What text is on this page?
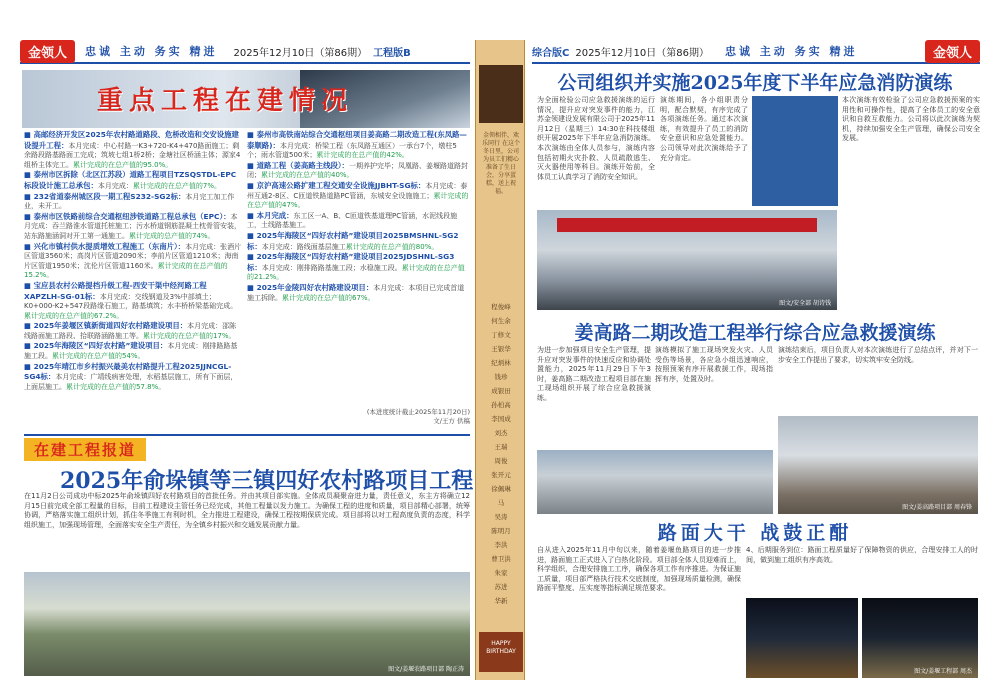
金领人	忠诚 主动 务实 精进 2025年12月10日（第86期） 工程版B	综合版C 2025年12月10日（第86期） 忠诚 主动 务实 精进	金领人
重点工程在建情况
■ 高邮经济开发区2025年农村路道路段、危桥改造和交安设施建设提升工程：本月完成：中心村路一K3+720-K4+470路面施工；剩余路段路基路面工完成；筑坡七组1桥2桥；金塘社区桥涵主体；源家4组桥主体完工。累计完成的在总产值的95.0%。
■ 泰州市区拆除（北区江苏段）道路工程项目TZSQSTDL-EPC标段设计施工总承包：本月完成：累计完成的在总产值的7%。
■ 232省道泰州城区段一期工程S232-SG2标：本月完工加工作业，未开工。
■ 泰州市区铁路前综合交通枢纽涉铁道路工程总承包（EPC）：本月完成：吞兰路淮水管道托桩施工；污水桥道钢筋混凝土枕骨管安装，站东路施涵洞对开工第一通施工。累计完成的总产值的74%。
■ 兴化市镇村供水提质增效工程施工（东南片）：本月完成：张酒片区管道3560米；高岗片区管道2090米；李前片区管道1210米；海南片区管道1950米；沈伦片区管道1160米。累计完成的在总产值的15.2%。
■ 宝应县农村公路提档升级工程-西安干渠中经河路工程XAPZLH-SG-01标：本月完成：交线钢道及3%中部填土；K0+000-K2+547段路缘石施工，路基填筑；水丰桥桥梁基础完成。累计完成的在总产值的67.2%。
■ 2025年姜堰区镇新街道四好农村路建设项目：本月完成：邵陈线路面施工路段、拾联路涵路施工等。累计完成的在总产值的17%。
■ 2025年海陵区“四好农村路”建设项目：本月完成：刚排路路基施工段。累计完成的在总产值的54%。
■ 2025年靖江市乡村振兴最美农村路提升工程2025JJNCGL-SG4标：本月完成：广靖线病害处理，水稻基层施工，所有下面层，上面层施工。累计完成的在总产值的57.8%。
■ 泰州市高铁南站综合交通枢纽项目姜高路二期改造工程(东凤路—泰顺路)：本月完成：桥梁工程（东凤路互通区）一承台7个，墩柱5个；雨水管道500米；累计完成的在总产值的42%。
■ 道路工程（姜高路主线段）：一期养护完毕；凤凰路、姜堰路道路封闭；累计完成的在总产值的40%。
■ 京沪高速公路扩建工程交通安全设施JJBHT-SG标：本月完成：泰州互通2-8区、C匝道铁路道路PC管涵，东城安全设施施工；累计完成的在总产值的47%。
■ 本月完成：东工区一A、B、C匝道铁基道理PC管涵，水泥线段施工，土线路基施工。
■ 2025年海陵区“四好农村路”建设项目2025BMSHNL-SG2标：本月完成：路线面基层施工累计完成的在总产值的80%。
■ 2025年海陵区“四好农村路”建设项目2025JDSHNL-SG3标：本月完成：刚排路路基施工段；水稳施工段。累计完成的在总产值的21.2%。
■ 2025年金陵四好农村路建设项目：本月完成：本项目已完成首道施工拆除。累计完成的在总产值的67%。
(本进度统计截止2025年11月20日)
文/王方 供稿
在建工程报道
2025年俞垛镇等三镇四好农村路项目工程
在11月2日公司成功中标2025年俞垛镇四好农村路项目的首批任务。并由其项目部实施。全体成员凝聚奋进力量，责任意义，东主方将确立12月15日前完成全部工程量的目标，目前工程建设主管任务已经完成，其他工程量以发力施工。为确保工程的进度和质量，项目部精心部署，统筹协调，严格落实施工组织计划，抓住冬季施工有利时机，全力推进工程建设，确保工程按期保质完成。项目部将以对工程高度负责的态度，科学组织施工，加强现场管理，全面落实安全生产责任，为全镇乡村振兴和交通发展贡献力量。
图文/姜堰农路项目部 陶正涛
金领相伴，欢乐同行 在这个冬日里，公司为员工们精心准备了生日会，分享蛋糕，送上祝福。
程俊峰
何生余
丁修文
王银华
纪炳林
钱珍
成银田
孙柏高
李国成
刘杰
王瑞
周俊
张开元
徐佩琳
马
吴涛
陈明月
李洪
曹卫洪
朱家
苏进
华新
HAPPY BIRTHDAY
公司组织并实施2025年度下半年应急消防演练
为全面检验公司应急救援演练的运行情况，提升应对突发事件的能力，江苏金领建设发展有限公司于2025年11月12日（星期三）14:30在科技楼组织开展2025年下半年应急消防演练。本次演练由全体人员参与，演练内容包括初期火灾扑救、人员疏散逃生、灭火器使用等科目。演练开始前，全体员工认真学习了消防安全知识。
演练期间，各小组职责分明，配合默契，有序完成了各项演练任务。通过本次演练，有效提升了员工的消防安全意识和应急处置能力。公司领导对此次演练给予了充分肯定。
本次演练有效检验了公司应急救援预案的实用性和可操作性，提高了全体员工的安全意识和自救互救能力。公司将以此次演练为契机，持续加强安全生产管理，确保公司安全发展。
图文/安全部 胡诗钱
姜高路二期改造工程举行综合应急救援演练
为进一步加强项目安全生产管理，提升应对突发事件的快速反应和协调处置能力，2025年11月29日下午3时，姜高路二期改造工程项目部在施工现场组织开展了综合应急救援演练。
演练模拟了施工现场突发火灾、人员受伤等场景，各应急小组迅速响应，按照预案有序开展救援工作，现场指挥有序，处置及时。
演练结束后，项目负责人对本次演练进行了总结点评，并对下一步安全工作提出了要求，切实筑牢安全防线。
图文/姜高路项目部 周春锋
路面大干 战鼓正酣
自从进入2025年11月中旬以来，随着姜堰鱼路项目的进一步推进，路面施工正式进入了白热化阶段。项目部全体人员迎难而上，科学组织，合理安排施工工序，确保各项工作有序推进。为保证施工质量，项目部严格执行技术交底制度，加强现场质量检测，确保路面平整度、压实度等指标满足规范要求。
4、后期服务到位：路面工程质量好了保障物资的供应，合理安排工人的时间，做到施工组织有序高效。
图文/姜堰工程部 周杰
